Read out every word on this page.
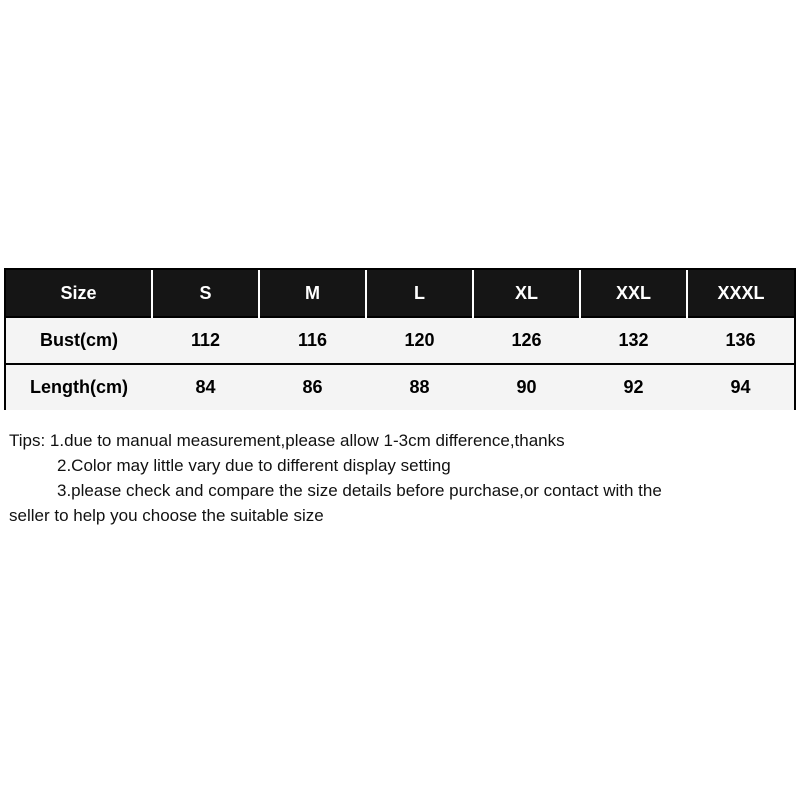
Size	S	M	L	XL	XXL	XXXL
Bust(cm)	112	116	120	126	132	136
Length(cm)	84	86	88	90	92	94
Tips: 1.due to manual measurement,please allow 1-3cm difference,thanks
2.Color may little vary due to different display setting
3.please check and compare the size details before purchase,or contact with the
seller to help you choose the suitable size
